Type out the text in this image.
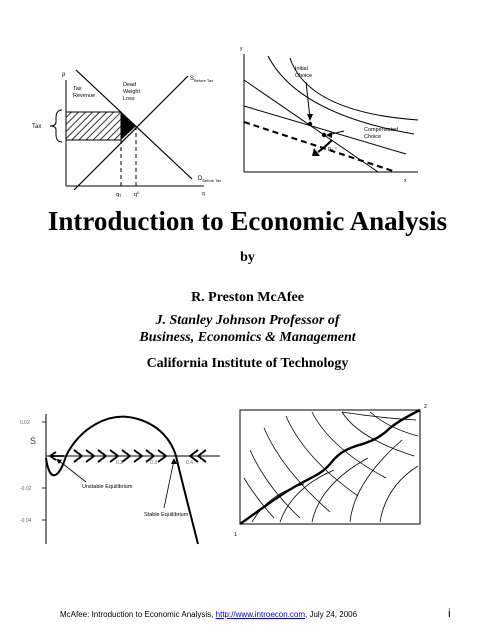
p
q
Tax
Tax
Revenue
Dead
Weight
Loss
$S_{Before Tax}$
$D_{Before Tax}$
qT $q^0$
y
x
Initial
Choice
Compensated
Choice
px ↑
Introduction to Economic Analysis
by
R. Preston McAfee
J. Stanley Johnson Professor of
Business, Economics & Management
California Institute of Technology
0.02
-0.02
-0.04
Ṡ
0.2	0.3	0.4
Unstable Equilibrium
Stable Equilibrium
2
1
McAfee: Introduction to Economic Analysis, http://www.introecon.com, July 24, 2006	i
